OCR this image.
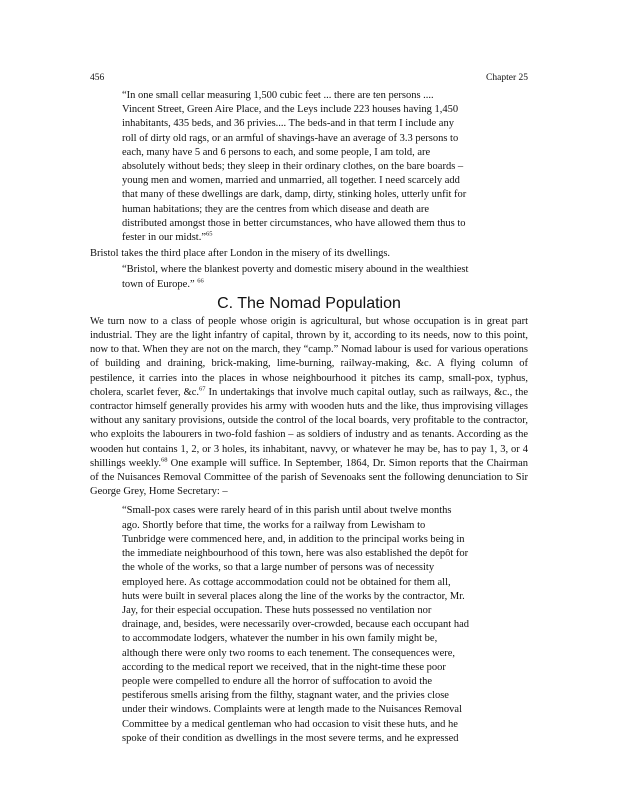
456	Chapter 25

“In one small cellar measuring 1,500 cubic feet ... there are ten persons ....
Vincent Street, Green Aire Place, and the Leys include 223 houses having 1,450
inhabitants, 435 beds, and 36 privies.... The beds-and in that term I include any
roll of dirty old rags, or an armful of shavings-have an average of 3.3 persons to
each, many have 5 and 6 persons to each, and some people, I am told, are
absolutely without beds; they sleep in their ordinary clothes, on the bare boards –
young men and women, married and unmarried, all together. I need scarcely add
that many of these dwellings are dark, damp, dirty, stinking holes, utterly unfit for
human habitations; they are the centres from which disease and death are
distributed amongst those in better circumstances, who have allowed them thus to
fester in our midst.”$^{65}$

Bristol takes the third place after London in the misery of its dwellings.

“Bristol, where the blankest poverty and domestic misery abound in the wealthiest
town of Europe.” $^{66}$

C. The Nomad Population

We turn now to a class of people whose origin is agricultural, but whose occupation is in great part industrial. They are the light infantry of capital, thrown by it, according to its needs, now to this point, now to that. When they are not on the march, they “camp.” Nomad labour is used for various operations of building and draining, brick-making, lime-burning, railway-making, &c. A flying column of pestilence, it carries into the places in whose neighbourhood it pitches its camp, small-pox, typhus, cholera, scarlet fever, &c.$^{67}$ In undertakings that involve much capital outlay, such as railways, &c., the contractor himself generally provides his army with wooden huts and the like, thus improvising villages without any sanitary provisions, outside the control of the local boards, very profitable to the contractor, who exploits the labourers in two-fold fashion – as soldiers of industry and as tenants. According as the wooden hut contains 1, 2, or 3 holes, its inhabitant, navvy, or whatever he may be, has to pay 1, 3, or 4 shillings weekly.$^{68}$ One example will suffice. In September, 1864, Dr. Simon reports that the Chairman of the Nuisances Removal Committee of the parish of Sevenoaks sent the following denunciation to Sir George Grey, Home Secretary: –

“Small-pox cases were rarely heard of in this parish until about twelve months
ago. Shortly before that time, the works for a railway from Lewisham to
Tunbridge were commenced here, and, in addition to the principal works being in
the immediate neighbourhood of this town, here was also established the depôt for
the whole of the works, so that a large number of persons was of necessity
employed here. As cottage accommodation could not be obtained for them all,
huts were built in several places along the line of the works by the contractor, Mr.
Jay, for their especial occupation. These huts possessed no ventilation nor
drainage, and, besides, were necessarily over-crowded, because each occupant had
to accommodate lodgers, whatever the number in his own family might be,
although there were only two rooms to each tenement. The consequences were,
according to the medical report we received, that in the night-time these poor
people were compelled to endure all the horror of suffocation to avoid the
pestiferous smells arising from the filthy, stagnant water, and the privies close
under their windows. Complaints were at length made to the Nuisances Removal
Committee by a medical gentleman who had occasion to visit these huts, and he
spoke of their condition as dwellings in the most severe terms, and he expressed
